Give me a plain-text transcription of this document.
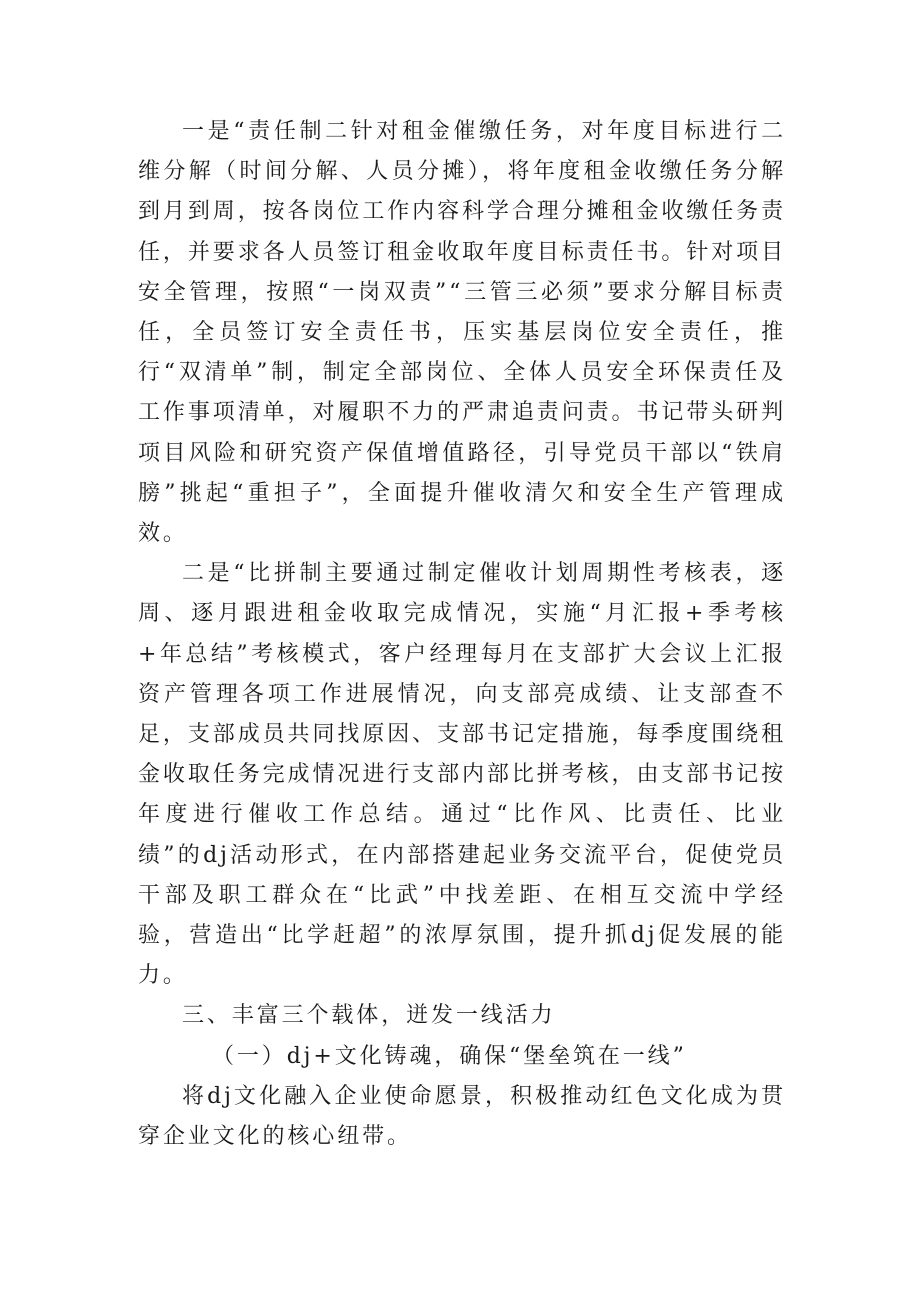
一是“责任制二针对租金催缴任务，对年度目标进行二维分解（时间分解、人员分摊），将年度租金收缴任务分解到月到周，按各岗位工作内容科学合理分摊租金收缴任务责任，并要求各人员签订租金收取年度目标责任书。针对项目安全管理，按照“一岗双责”“三管三必须”要求分解目标责任，全员签订安全责任书，压实基层岗位安全责任，推行“双清单”制，制定全部岗位、全体人员安全环保责任及工作事项清单，对履职不力的严肃追责问责。书记带头研判项目风险和研究资产保值增值路径，引导党员干部以“铁肩膀”挑起“重担子”，全面提升催收清欠和安全生产管理成效。

二是“比拼制主要通过制定催收计划周期性考核表，逐周、逐月跟进租金收取完成情况，实施“月汇报+季考核+年总结”考核模式，客户经理每月在支部扩大会议上汇报资产管理各项工作进展情况，向支部亮成绩、让支部查不足，支部成员共同找原因、支部书记定措施，每季度围绕租金收取任务完成情况进行支部内部比拼考核，由支部书记按年度进行催收工作总结。通过“比作风、比责任、比业绩”的dj活动形式，在内部搭建起业务交流平台，促使党员干部及职工群众在“比武”中找差距、在相互交流中学经验，营造出“比学赶超”的浓厚氛围，提升抓dj促发展的能力。

三、丰富三个载体，迸发一线活力

（一）dj+文化铸魂，确保“堡垒筑在一线”

将dj文化融入企业使命愿景，积极推动红色文化成为贯穿企业文化的核心纽带。
